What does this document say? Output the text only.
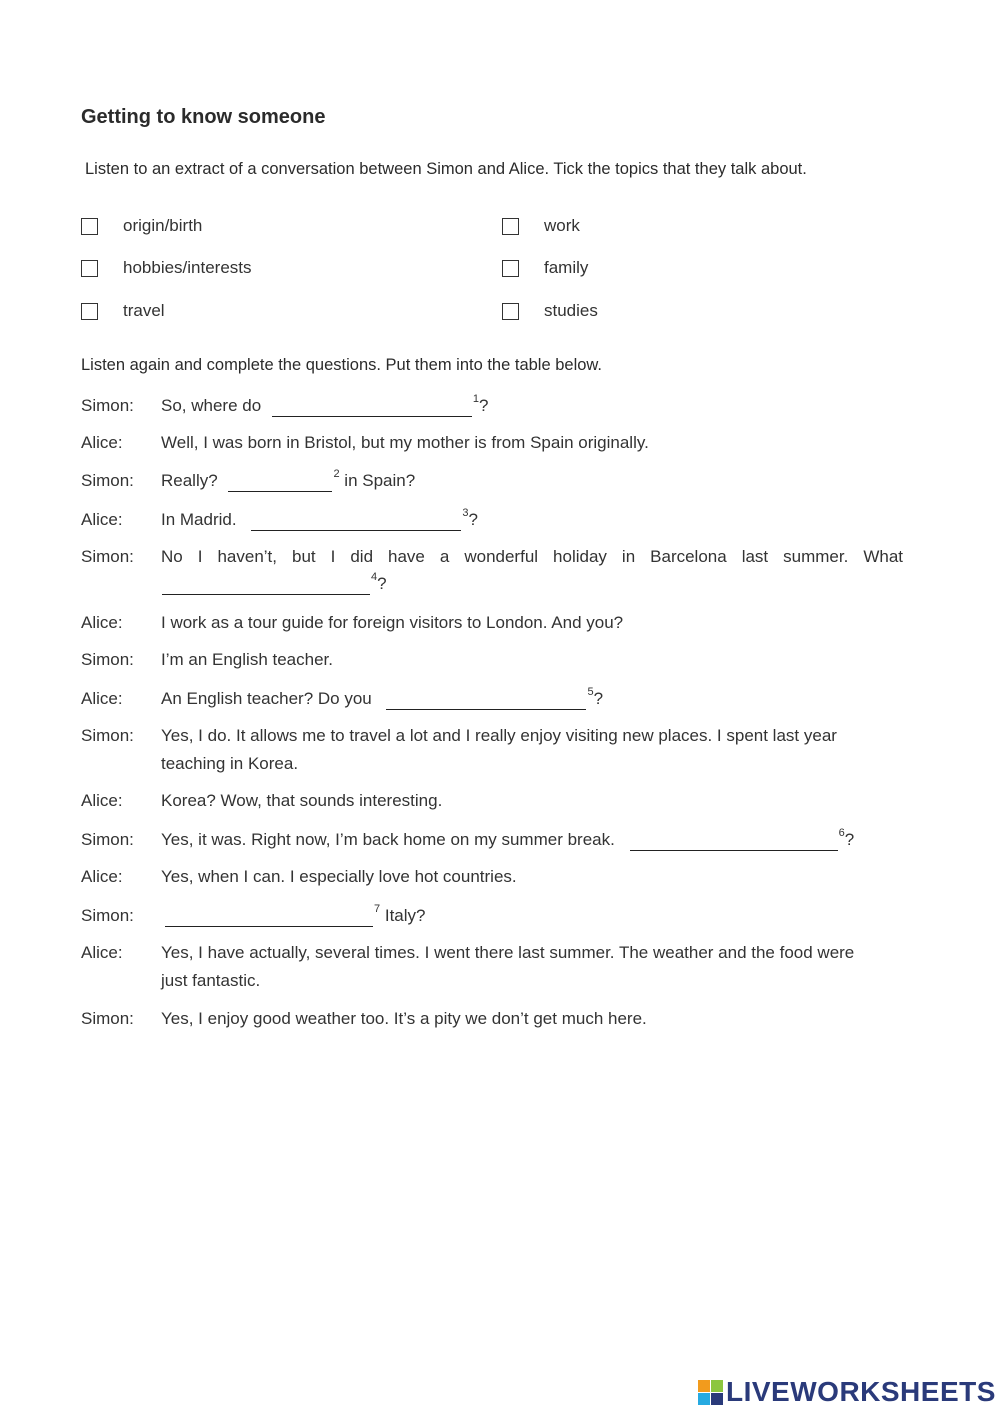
Getting to know someone
Listen to an extract of a conversation between Simon and Alice. Tick the topics that they talk about.
origin/birth
hobbies/interests
travel
work
family
studies
Listen again and complete the questions. Put them into the table below.
Simon: So, where do	$^1$?
Alice: Well, I was born in Bristol, but my mother is from Spain originally.
Simon: Really?	$^2$ in Spain?
Alice: In Madrid.	$^3$?
Simon: No I haven’t, but I did have a wonderful holiday in Barcelona last summer. What
$^4$?
Alice: I work as a tour guide for foreign visitors to London. And you?
Simon: I’m an English teacher.
Alice: An English teacher? Do you	$^5$?
Simon: Yes, I do. It allows me to travel a lot and I really enjoy visiting new places. I spent last year
teaching in Korea.
Alice: Korea? Wow, that sounds interesting.
Simon: Yes, it was. Right now, I’m back home on my summer break.	$^6$?
Alice: Yes, when I can. I especially love hot countries.
Simon:	$^7$ Italy?
Alice: Yes, I have actually, several times. I went there last summer. The weather and the food were
just fantastic.
Simon: Yes, I enjoy good weather too. It’s a pity we don’t get much here.
LIVEWORKSHEETS
